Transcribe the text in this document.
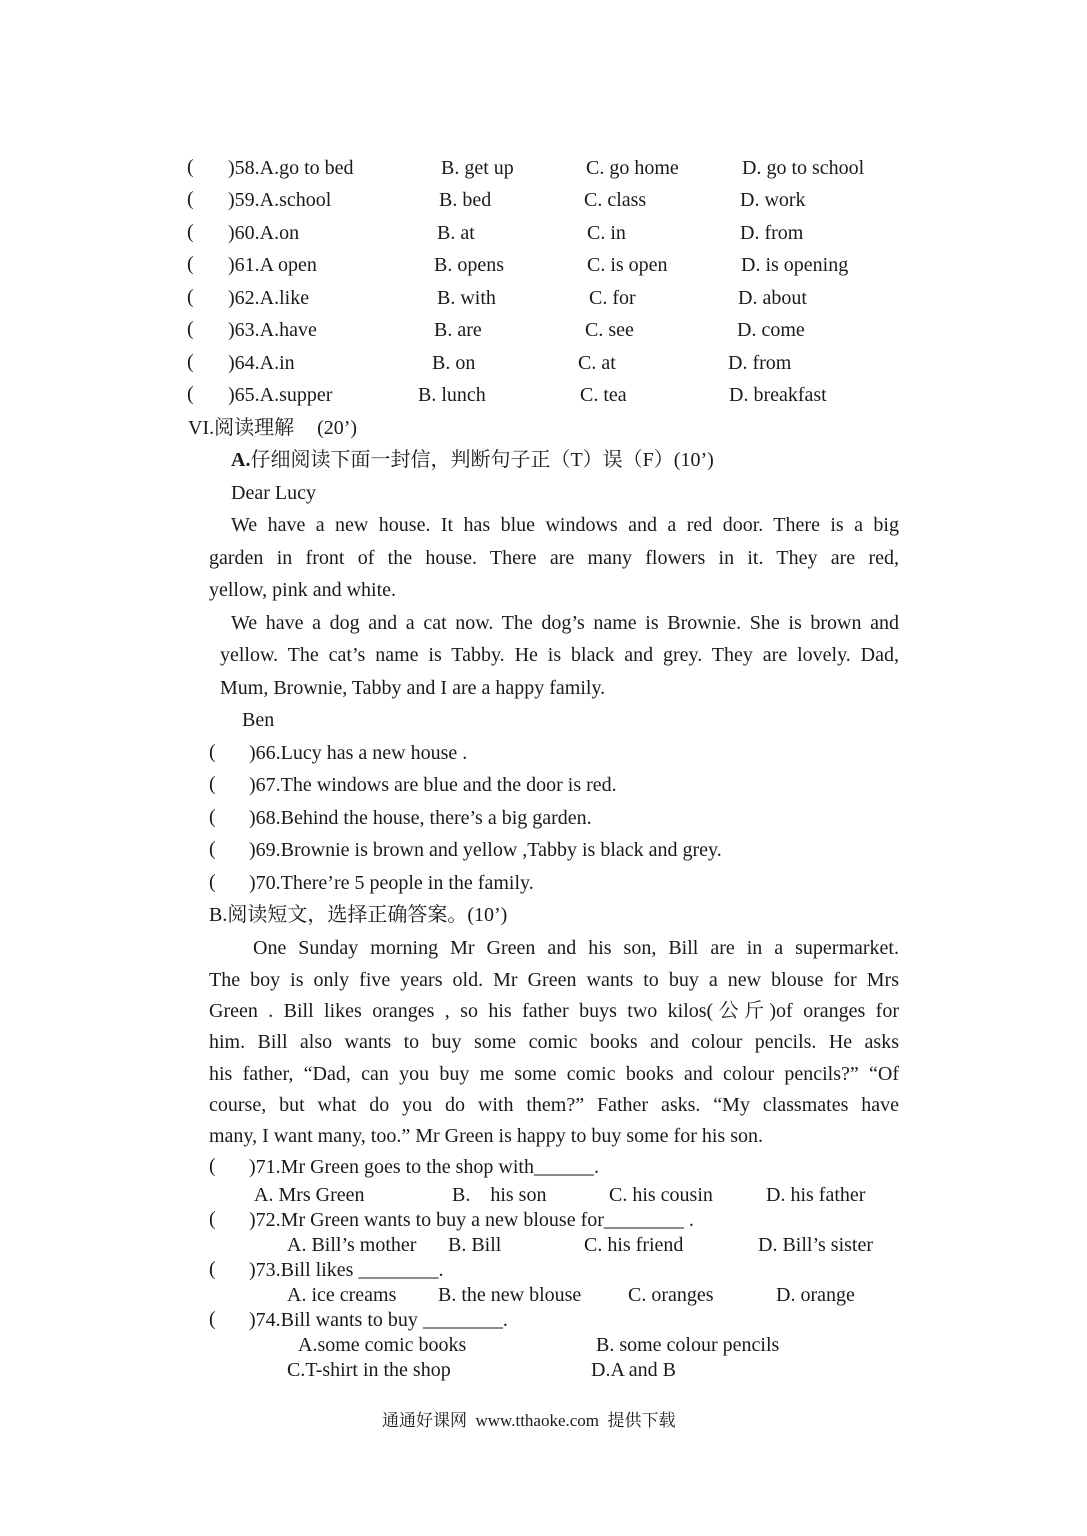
( )58.A.go to bed	B. get up	C. go home	D. go to school
( )59.A.school	B. bed	C. class	D. work
( )60.A.on	B. at	C. in	D. from
( )61.A open	B. opens	C. is open	D. is opening
( )62.A.like	B. with	C. for	D. about
( )63.A.have	B. are	C. see	D. come
( )64.A.in	B. on	C. at	D. from
( )65.A.supper	B. lunch	C. tea	D. breakfast
VI.阅读理解 (20’)
A.仔细阅读下面一封信，判断句子正（T）误（F）(10’)
Dear Lucy
We have a new house. It has blue windows and a red door. There is a big
garden in front of the house. There are many flowers in it. They are red,
yellow, pink and white.
We have a dog and a cat now. The dog’s name is Brownie. She is brown and
yellow. The cat’s name is Tabby. He is black and grey. They are lovely. Dad,
Mum, Brownie, Tabby and I are a happy family.
Ben
( )66.Lucy has a new house .
( )67.The windows are blue and the door is red.
( )68.Behind the house, there’s a big garden.
( )69.Brownie is brown and yellow ,Tabby is black and grey.
( )70.There’re 5 people in the family.
B.阅读短文，选择正确答案。(10’)
One Sunday morning Mr Green and his son, Bill are in a supermarket.
The boy is only five years old. Mr Green wants to buy a new blouse for Mrs
Green . Bill likes oranges , so his father buys two kilos(公斤)of oranges for
him. Bill also wants to buy some comic books and colour pencils. He asks
his father, “Dad, can you buy me some comic books and colour pencils?” “Of
course, but what do you do with them?” Father asks. “My classmates have
many, I want many, too.” Mr Green is happy to buy some for his son.
( )71.Mr Green goes to the shop with______.
A. Mrs Green	B.    his son	C. his cousin	D. his father
( )72.Mr Green wants to buy a new blouse for________ .
A. Bill’s mother B. Bill	C. his friend	D. Bill’s sister
( )73.Bill likes ________.
A. ice creams B. the new blouse C. oranges	D. orange
( )74.Bill wants to buy ________.
A.some comic books	B. some colour pencils
C.T-shirt in the shop	D.A and B
通通好课网  www.tthaoke.com  提供下载
